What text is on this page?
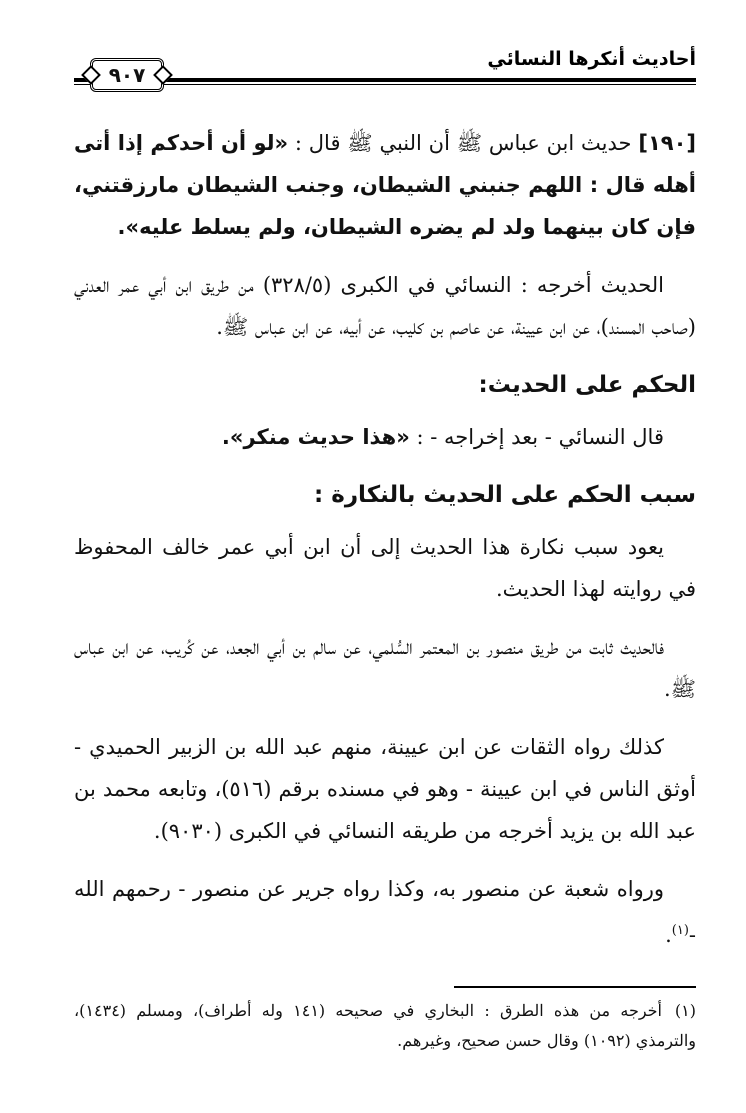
أحاديث أنكرها النسائي
٩٠٧

[١٩٠] حديث ابن عباس ﷺ أن النبي ﷺ قال : «لو أن أحدكم إذا أتى أهله قال : اللهم جنبني الشيطان، وجنب الشيطان مارزقتني، فإن كان بينهما ولد لم يضره الشيطان، ولم يسلط عليه».

الحديث أخرجه : النسائي في الكبرى (٣٢٨/٥) من طريق ابن أبي عمر العدني (صاحب المسند)، عن ابن عيينة، عن عاصم بن كليب، عن أبيه، عن ابن عباس ﷺ.

الحكم على الحديث:

قال النسائي - بعد إخراجه - : «هذا حديث منكر».

سبب الحكم على الحديث بالنكارة :

يعود سبب نكارة هذا الحديث إلى أن ابن أبي عمر خالف المحفوظ في روايته لهذا الحديث.

فالحديث ثابت من طريق منصور بن المعتمر السُّلمي، عن سالم بن أبي الجعد، عن كُريب، عن ابن عباس ﷺ.

كذلك رواه الثقات عن ابن عيينة، منهم عبد الله بن الزبير الحميدي - أوثق الناس في ابن عيينة - وهو في مسنده برقم (٥١٦)، وتابعه محمد بن عبد الله بن يزيد أخرجه من طريقه النسائي في الكبرى (٩٠٣٠).

ورواه شعبة عن منصور به، وكذا رواه جرير عن منصور - رحمهم الله -$^{(١)}$.

(١)أخرجه من هذه الطرق : البخاري في صحيحه (١٤١ وله أطراف)، ومسلم (١٤٣٤)، والترمذي (١٠٩٢) وقال حسن صحيح، وغيرهم.
